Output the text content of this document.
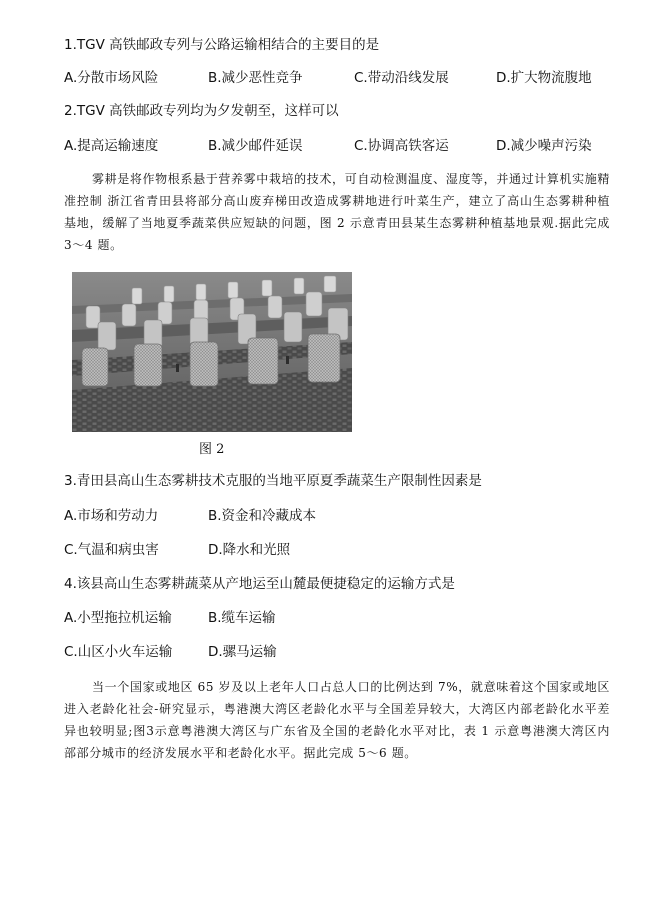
1.TGV 高铁邮政专列与公路运输相结合的主要目的是
A.分散市场风险	B.减少恶性竞争	C.带动沿线发展	D.扩大物流腹地
2.TGV 高铁邮政专列均为夕发朝至，这样可以
A.提高运输速度	B.减少邮件延误	C.协调高铁客运	D.减少噪声污染
雾耕是将作物根系悬于营养雾中栽培的技术，可自动检测温度、湿度等，并通过计算机实施精准控制 浙江省青田县将部分高山废弃梯田改造成雾耕地进行叶菜生产，建立了高山生态雾耕种植基地，缓解了当地夏季蔬菜供应短缺的问题，图 2 示意青田县某生态雾耕种植基地景观.据此完成 3～4 题。
图 2
3.青田县高山生态雾耕技术克服的当地平原夏季蔬菜生产限制性因素是
A.市场和劳动力	B.资金和冷藏成本
C.气温和病虫害	D.降水和光照
4.该县高山生态雾耕蔬菜从产地运至山麓最便捷稳定的运输方式是
A.小型拖拉机运输	B.缆车运输
C.山区小火车运输	D.骡马运输
当一个国家或地区 65 岁及以上老年人口占总人口的比例达到 7%，就意味着这个国家或地区进入老龄化社会-研究显示，粤港澳大湾区老龄化水平与全国差异较大，大湾区内部老龄化水平差异也较明显;图3示意粤港澳大湾区与广东省及全国的老龄化水平对比，表 1 示意粤港澳大湾区内部部分城市的经济发展水平和老龄化水平。据此完成 5～6 题。
